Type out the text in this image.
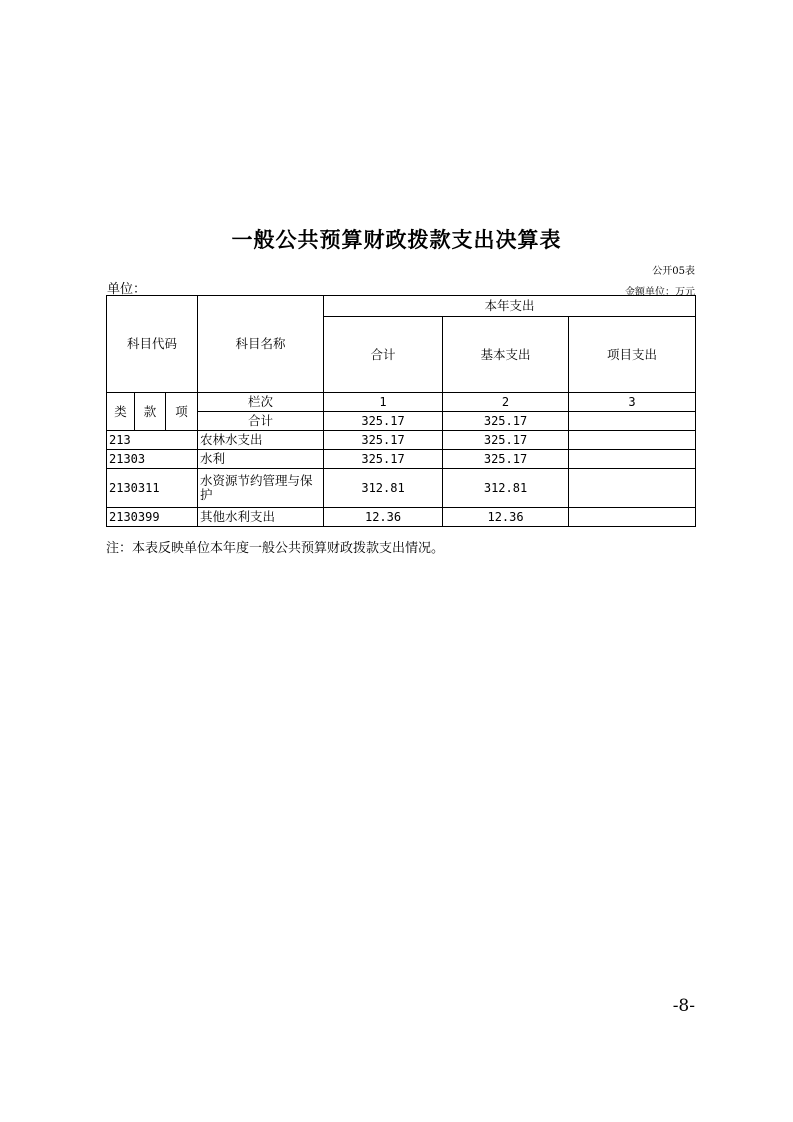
一般公共预算财政拨款支出决算表
公开05表
单位：	金额单位：万元
科目代码			科目名称	本年支出		
				合计	基本支出	项目支出
类	款	项	栏次	1	2	3
			合计	325.17	325.17	
213			农林水支出	325.17	325.17	
21303			水利	325.17	325.17	
2130311			水资源节约管理与保护	312.81	312.81	
2130399			其他水利支出	12.36	12.36	
注：本表反映单位本年度一般公共预算财政拨款支出情况。
-8-
